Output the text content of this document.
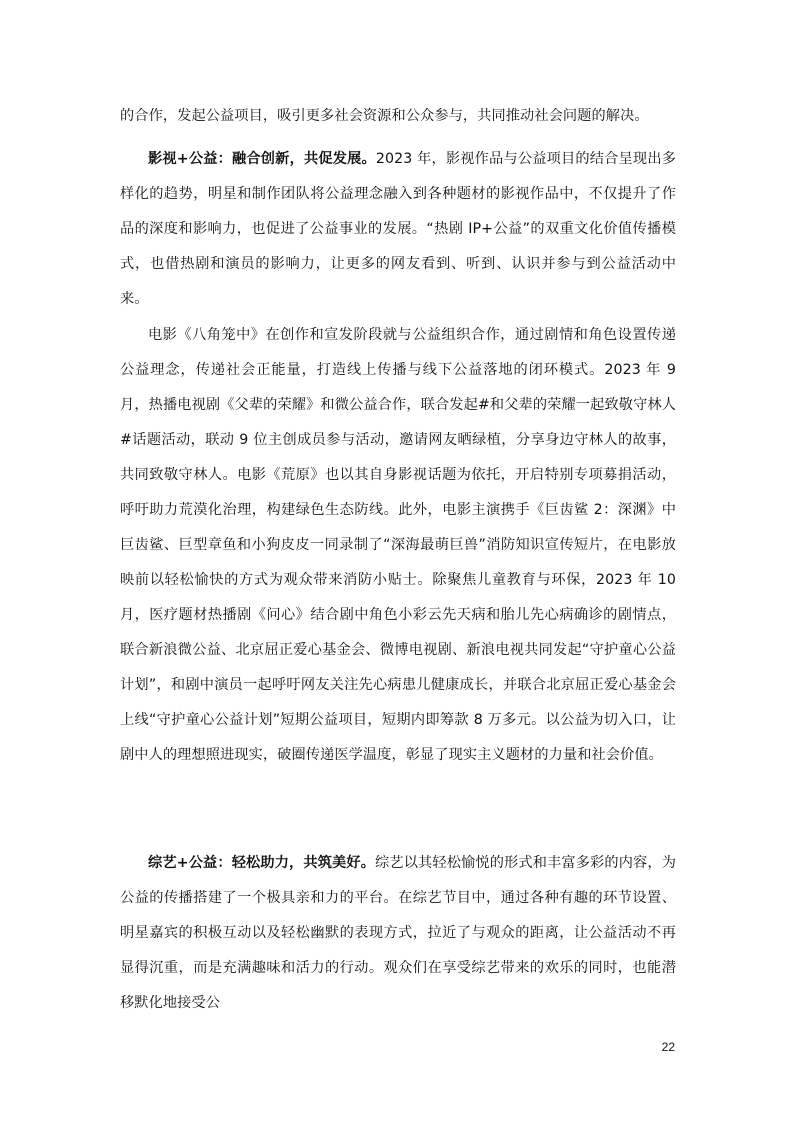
的合作，发起公益项目，吸引更多社会资源和公众参与，共同推动社会问题的解决。

影视+公益：融合创新，共促发展。2023 年，影视作品与公益项目的结合呈现出多样化的趋势，明星和制作团队将公益理念融入到各种题材的影视作品中，不仅提升了作品的深度和影响力，也促进了公益事业的发展。“热剧 IP+公益”的双重文化价值传播模式，也借热剧和演员的影响力，让更多的网友看到、听到、认识并参与到公益活动中来。

电影《八角笼中》在创作和宣发阶段就与公益组织合作，通过剧情和角色设置传递公益理念，传递社会正能量，打造线上传播与线下公益落地的闭环模式。2023 年 9 月，热播电视剧《父辈的荣耀》和微公益合作，联合发起#和父辈的荣耀一起致敬守林人#话题活动，联动 9 位主创成员参与活动，邀请网友晒绿植，分享身边守林人的故事，共同致敬守林人。电影《荒原》也以其自身影视话题为依托，开启特别专项募捐活动，呼吁助力荒漠化治理，构建绿色生态防线。此外，电影主演携手《巨齿鲨 2：深渊》中巨齿鲨、巨型章鱼和小狗皮皮一同录制了“深海最萌巨兽”消防知识宣传短片，在电影放映前以轻松愉快的方式为观众带来消防小贴士。除聚焦儿童教育与环保，2023 年 10 月，医疗题材热播剧《问心》结合剧中角色小彩云先天病和胎儿先心病确诊的剧情点，联合新浪微公益、北京屈正爱心基金会、微博电视剧、新浪电视共同发起“守护童心公益计划”，和剧中演员一起呼吁网友关注先心病患儿健康成长，并联合北京屈正爱心基金会上线“守护童心公益计划”短期公益项目，短期内即筹款 8 万多元。以公益为切入口，让剧中人的理想照进现实，破圈传递医学温度，彰显了现实主义题材的力量和社会价值。

综艺+公益：轻松助力，共筑美好。综艺以其轻松愉悦的形式和丰富多彩的内容，为公益的传播搭建了一个极具亲和力的平台。在综艺节目中，通过各种有趣的环节设置、明星嘉宾的积极互动以及轻松幽默的表现方式，拉近了与观众的距离，让公益活动不再显得沉重，而是充满趣味和活力的行动。观众们在享受综艺带来的欢乐的同时，也能潜移默化地接受公

22
